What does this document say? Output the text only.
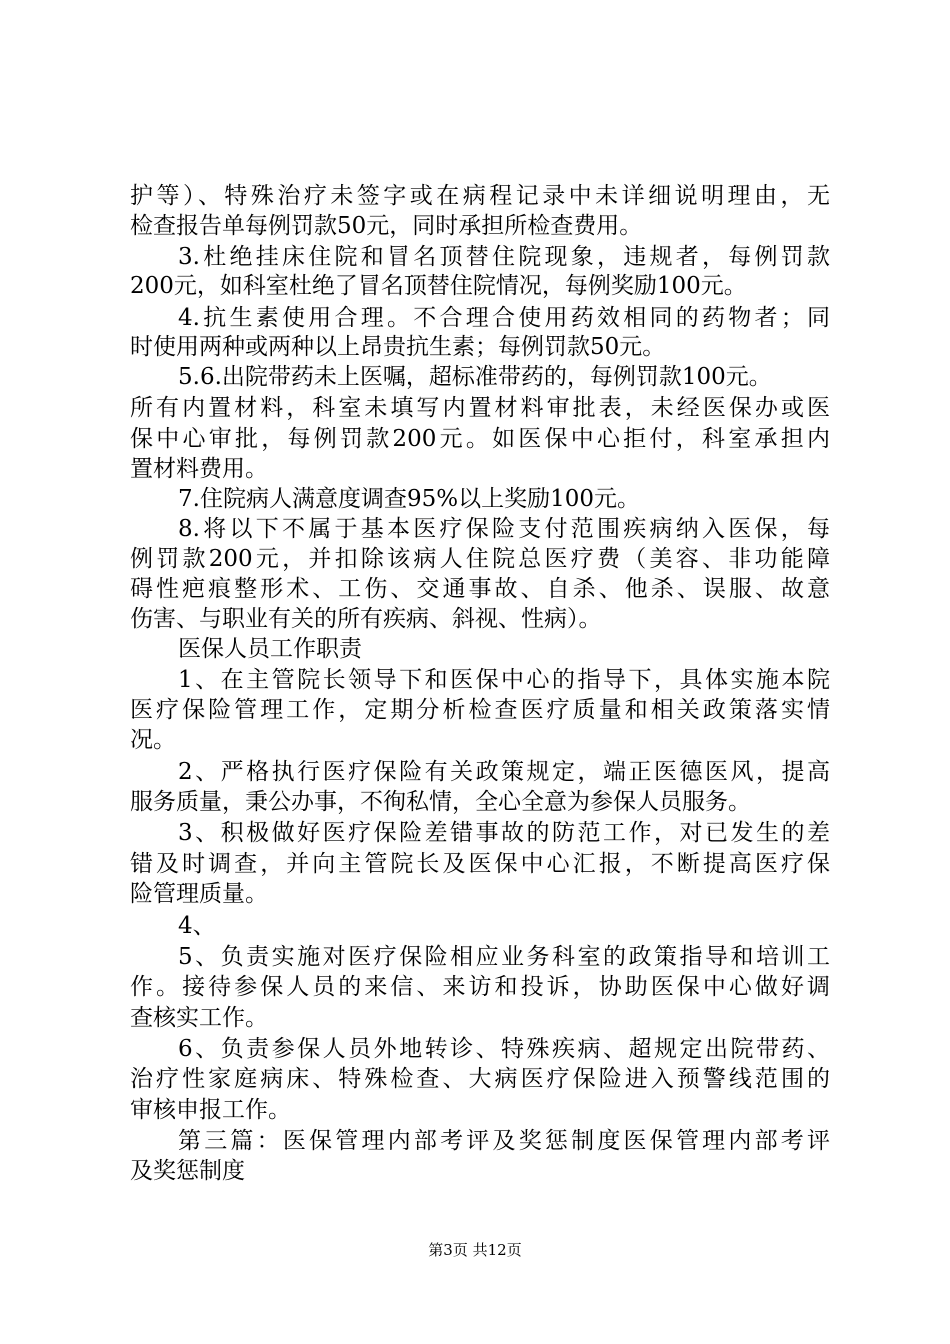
护等）、特殊治疗未签字或在病程记录中未详细说明理由，无
检查报告单每例罚款50元，同时承担所检查费用。
3.杜绝挂床住院和冒名顶替住院现象，违规者，每例罚款
200元，如科室杜绝了冒名顶替住院情况，每例奖励100元。
4.抗生素使用合理。不合理合使用药效相同的药物者；同
时使用两种或两种以上昂贵抗生素；每例罚款50元。
5.6.出院带药未上医嘱，超标准带药的，每例罚款100元。
所有内置材料，科室未填写内置材料审批表，未经医保办或医
保中心审批，每例罚款200元。如医保中心拒付，科室承担内
置材料费用。
7.住院病人满意度调查95%以上奖励100元。
8.将以下不属于基本医疗保险支付范围疾病纳入医保，每
例罚款200元，并扣除该病人住院总医疗费（美容、非功能障
碍性疤痕整形术、工伤、交通事故、自杀、他杀、误服、故意
伤害、与职业有关的所有疾病、斜视、性病）。
医保人员工作职责
1、在主管院长领导下和医保中心的指导下，具体实施本院
医疗保险管理工作，定期分析检查医疗质量和相关政策落实情
况。
2、严格执行医疗保险有关政策规定，端正医德医风，提高
服务质量，秉公办事，不徇私情，全心全意为参保人员服务。
3、积极做好医疗保险差错事故的防范工作，对已发生的差
错及时调查，并向主管院长及医保中心汇报，不断提高医疗保
险管理质量。
4、
5、负责实施对医疗保险相应业务科室的政策指导和培训工
作。接待参保人员的来信、来访和投诉，协助医保中心做好调
查核实工作。
6、负责参保人员外地转诊、特殊疾病、超规定出院带药、
治疗性家庭病床、特殊检查、大病医疗保险进入预警线范围的
审核申报工作。
第三篇：医保管理内部考评及奖惩制度医保管理内部考评
及奖惩制度
第3页 共12页
